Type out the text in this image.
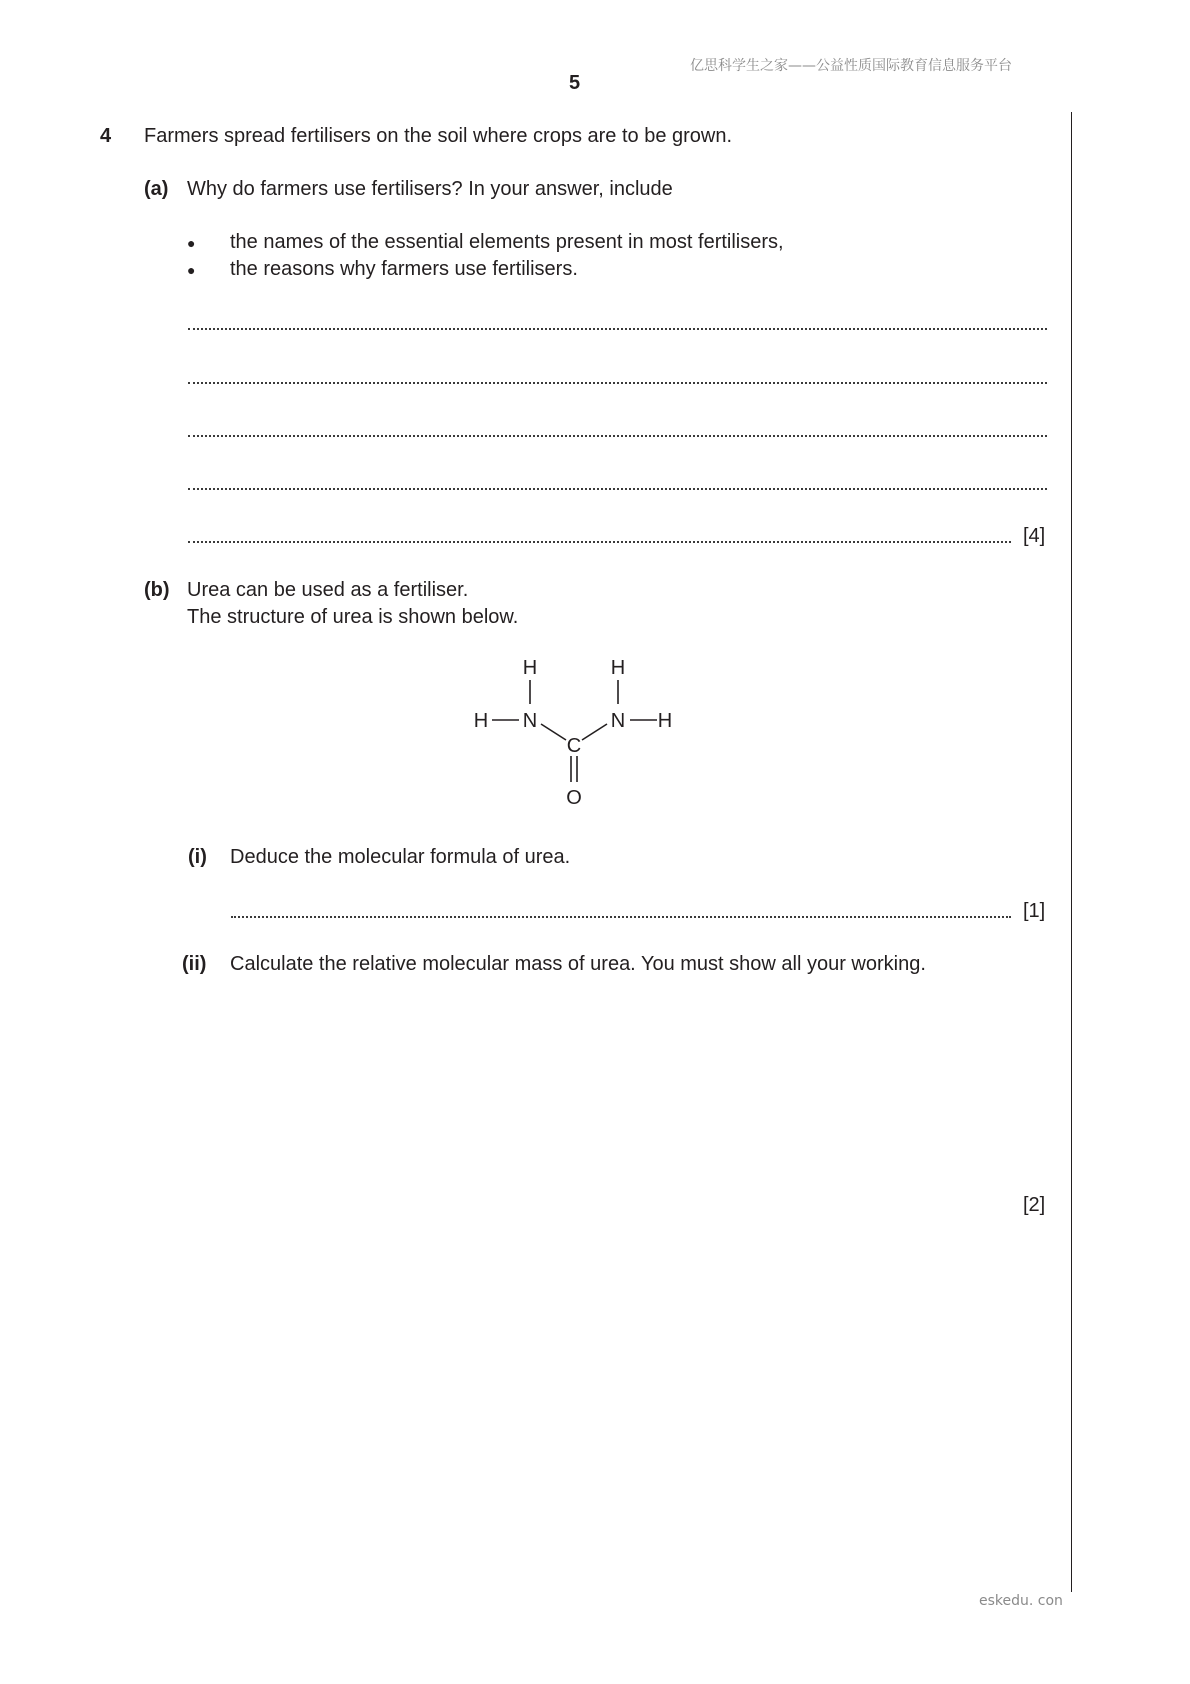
亿思科学生之家——公益性质国际教育信息服务平台
5
4 Farmers spread fertilisers on the soil where crops are to be grown.
(a) Why do farmers use fertilisers? In your answer, include
● the names of the essential elements present in most fertilisers,
● the reasons why farmers use fertilisers.
[4]
(b) Urea can be used as a fertiliser.
The structure of urea is shown below.
H	H
H N	N H
C
O
(i) Deduce the molecular formula of urea.
[1]
(ii) Calculate the relative molecular mass of urea. You must show all your working.
[2]
eskedu. con
